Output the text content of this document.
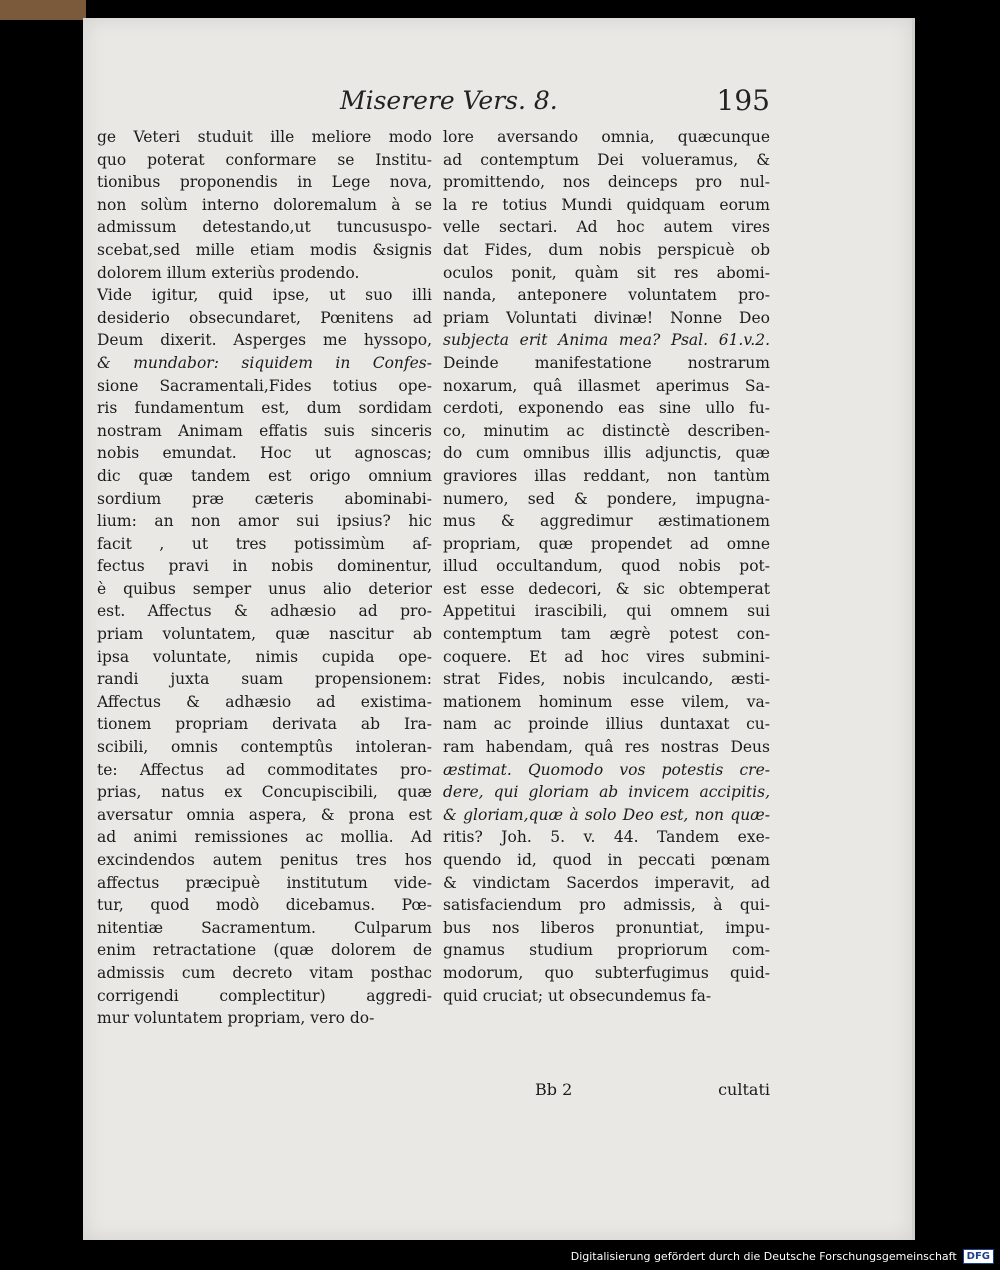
Miserere Vers. 8.	195
ge Veteri studuit ille meliore modo
quo poterat conformare se Institu-
tionibus proponendis in Lege nova,
non solùm interno doloremalum à se
admissum detestando,ut tuncususpo-
scebat,sed mille etiam modis &signis
dolorem illum exteriùs prodendo.
Vide igitur, quid ipse, ut suo illi
desiderio obsecundaret, Pœnitens ad
Deum dixerit. Asperges me hyssopo,
& mundabor: siquidem in Confes-
sione Sacramentali,Fides totius ope-
ris fundamentum est, dum sordidam
nostram Animam effatis suis sinceris
nobis emundat. Hoc ut agnoscas;
dic quæ tandem est origo omnium
sordium præ cæteris abominabi-
lium: an non amor sui ipsius? hic
facit , ut tres potissimùm af-
fectus pravi in nobis dominentur,
è quibus semper unus alio deterior
est. Affectus & adhæsio ad pro-
priam voluntatem, quæ nascitur ab
ipsa voluntate, nimis cupida ope-
randi juxta suam propensionem:
Affectus & adhæsio ad existima-
tionem propriam derivata ab Ira-
scibili, omnis contemptûs intoleran-
te: Affectus ad commoditates pro-
prias, natus ex Concupiscibili, quæ
aversatur omnia aspera, & prona est
ad animi remissiones ac mollia. Ad
excindendos autem penitus tres hos
affectus præcipuè institutum vide-
tur, quod modò dicebamus. Pœ-
nitentiæ Sacramentum. Culparum
enim retractatione (quæ dolorem de
admissis cum decreto vitam posthac
corrigendi complectitur) aggredi-
mur voluntatem propriam, vero do-
lore aversando omnia, quæcunque
ad contemptum Dei volueramus, &
promittendo, nos deinceps pro nul-
la re totius Mundi quidquam eorum
velle sectari. Ad hoc autem vires
dat Fides, dum nobis perspicuè ob
oculos ponit, quàm sit res abomi-
nanda, anteponere voluntatem pro-
priam Voluntati divinæ! Nonne Deo
subjecta erit Anima mea? Psal. 61.v.2.
Deinde manifestatione nostrarum
noxarum, quâ illasmet aperimus Sa-
cerdoti, exponendo eas sine ullo fu-
co, minutim ac distinctè describen-
do cum omnibus illis adjunctis, quæ
graviores illas reddant, non tantùm
numero, sed & pondere, impugna-
mus & aggredimur æstimationem
propriam, quæ propendet ad omne
illud occultandum, quod nobis pot-
est esse dedecori, & sic obtemperat
Appetitui irascibili, qui omnem sui
contemptum tam ægrè potest con-
coquere. Et ad hoc vires submini-
strat Fides, nobis inculcando, æsti-
mationem hominum esse vilem, va-
nam ac proinde illius duntaxat cu-
ram habendam, quâ res nostras Deus
æstimat. Quomodo vos potestis cre-
dere, qui gloriam ab invicem accipitis,
& gloriam,quæ à solo Deo est, non quæ-
ritis? Joh. 5. v. 44. Tandem exe-
quendo id, quod in peccati pœnam
& vindictam Sacerdos imperavit, ad
satisfaciendum pro admissis, à qui-
bus nos liberos pronuntiat, impu-
gnamus studium propriorum com-
modorum, quo subterfugimus quid-
quid cruciat; ut obsecundemus fa-
Bb 2	cultati
Digitalisierung gefördert durch die Deutsche Forschungsgemeinschaft	DFG
